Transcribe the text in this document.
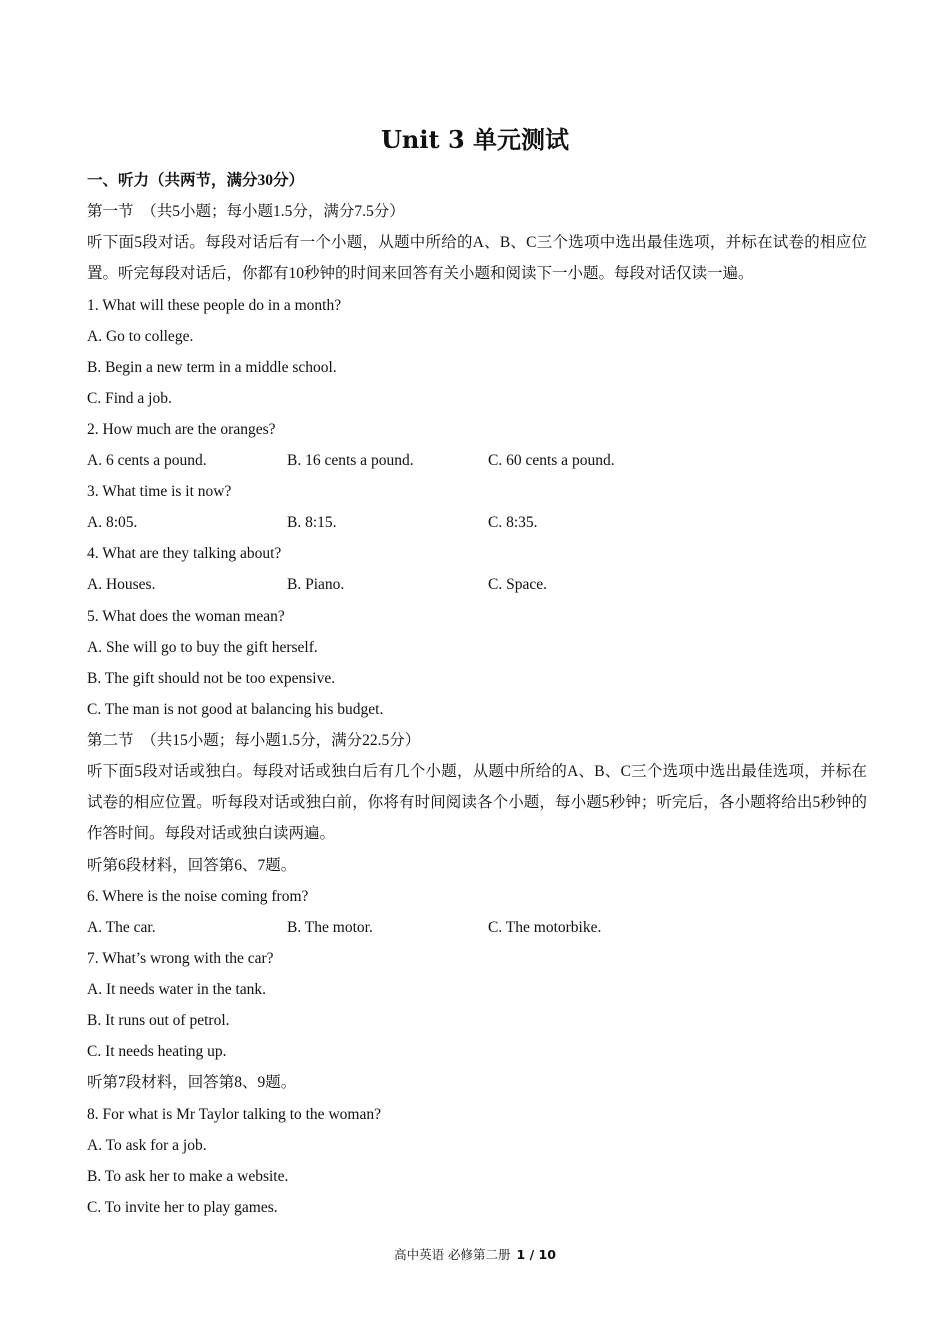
Unit 3 单元测试
一、听力（共两节，满分30分）
第一节　（共5小题；每小题1.5分，满分7.5分）
听下面5段对话。每段对话后有一个小题，从题中所给的A、B、C三个选项中选出最佳选项，并标在试卷的相应位置。听完每段对话后，你都有10秒钟的时间来回答有关小题和阅读下一小题。每段对话仅读一遍。
1. What will these people do in a month?
A. Go to college.
B. Begin a new term in a middle school.
C. Find a job.
2. How much are the oranges?
A. 6 cents a pound.	B. 16 cents a pound.	C. 60 cents a pound.
3. What time is it now?
A. 8:05.	B. 8:15.	C. 8:35.
4. What are they talking about?
A. Houses.	B. Piano.	C. Space.
5. What does the woman mean?
A. She will go to buy the gift herself.
B. The gift should not be too expensive.
C. The man is not good at balancing his budget.
第二节　（共15小题；每小题1.5分，满分22.5分）
听下面5段对话或独白。每段对话或独白后有几个小题，从题中所给的A、B、C三个选项中选出最佳选项，并标在试卷的相应位置。听每段对话或独白前，你将有时间阅读各个小题，每小题5秒钟；听完后，各小题将给出5秒钟的作答时间。每段对话或独白读两遍。
听第6段材料，回答第6、7题。
6. Where is the noise coming from?
A. The car.	B. The motor.	C. The motorbike.
7. What’s wrong with the car?
A. It needs water in the tank.
B. It runs out of petrol.
C. It needs heating up.
听第7段材料，回答第8、9题。
8. For what is Mr Taylor talking to the woman?
A. To ask for a job.
B. To ask her to make a website.
C. To invite her to play games.
高中英语 必修第二册 1 / 10
